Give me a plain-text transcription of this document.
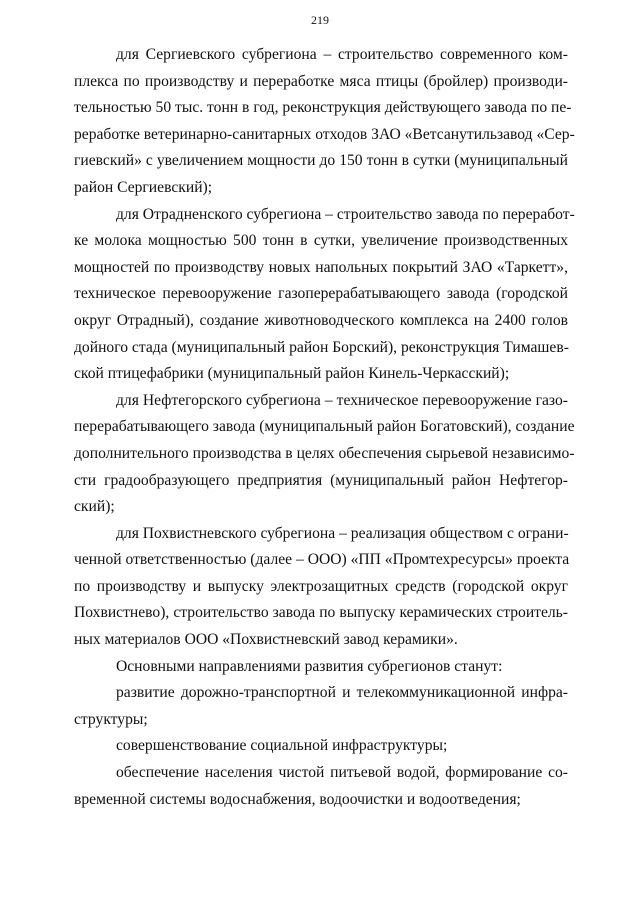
219
для Сергиевского субрегиона – строительство современного ком-
плекса по производству и переработке мяса птицы (бройлер) производи-
тельностью 50 тыс. тонн в год, реконструкция действующего завода по пе-
реработке ветеринарно-санитарных отходов ЗАО «Ветсанутильзавод «Сер-
гиевский» с увеличением мощности до 150 тонн в сутки (муниципальный
район Сергиевский);
для Отрадненского субрегиона – строительство завода по переработ-
ке молока мощностью 500 тонн в сутки, увеличение производственных
мощностей по производству новых напольных покрытий ЗАО «Таркетт»,
техническое перевооружение газоперерабатывающего завода (городской
округ Отрадный), создание животноводческого комплекса на 2400 голов
дойного стада (муниципальный район Борский), реконструкция Тимашев-
ской птицефабрики (муниципальный район Кинель-Черкасский);
для Нефтегорского субрегиона – техническое перевооружение газо-
перерабатывающего завода (муниципальный район Богатовский), создание
дополнительного производства в целях обеспечения сырьевой независимо-
сти градообразующего предприятия (муниципальный район Нефтегор-
ский);
для Похвистневского субрегиона – реализация обществом с ограни-
ченной ответственностью (далее – ООО) «ПП «Промтехресурсы» проекта
по производству и выпуску электрозащитных средств (городской округ
Похвистнево), строительство завода по выпуску керамических строитель-
ных материалов ООО «Похвистневский завод керамики».
Основными направлениями развития субрегионов станут:
развитие дорожно-транспортной и телекоммуникационной инфра-
структуры;
совершенствование социальной инфраструктуры;
обеспечение населения чистой питьевой водой, формирование со-
временной системы водоснабжения, водоочистки и водоотведения;
